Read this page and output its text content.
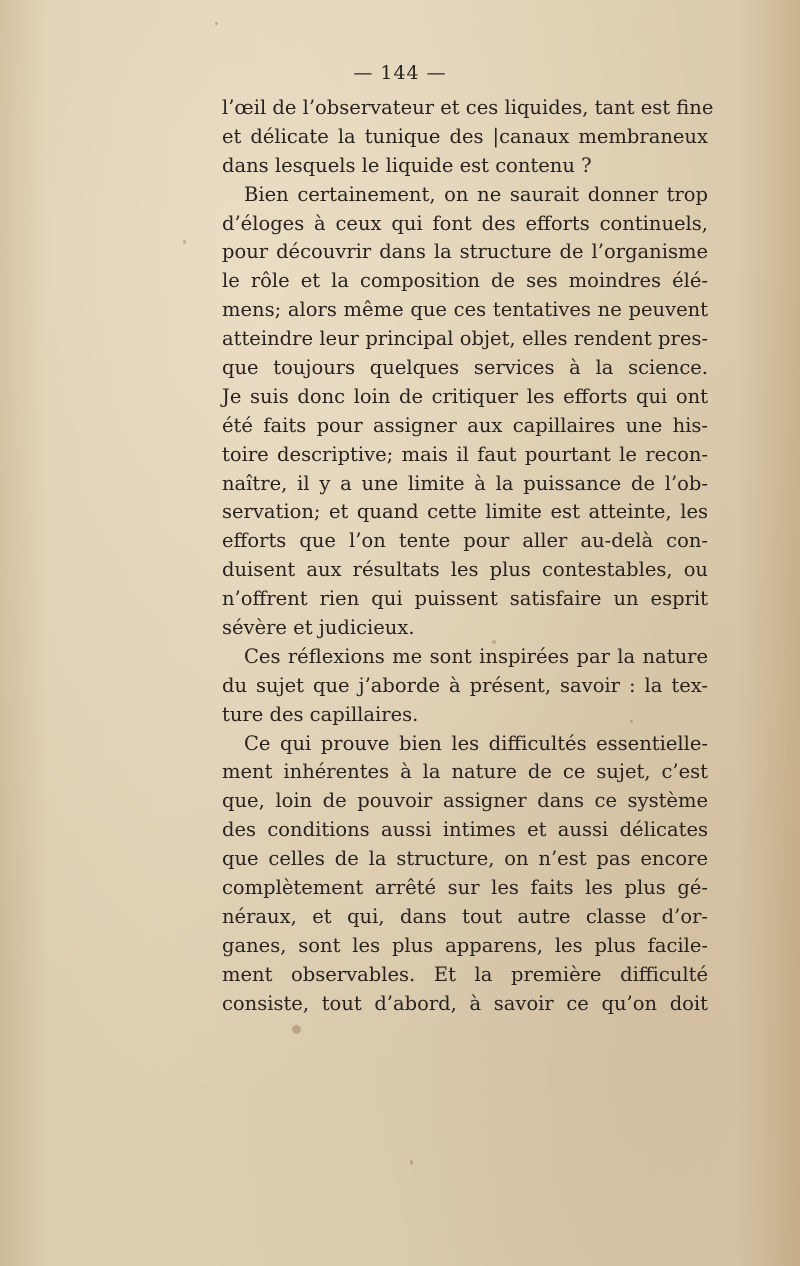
— 144 —
l’œil de l’observateur et ces liquides, tant est fine
et délicate la tunique des |canaux membraneux
dans lesquels le liquide est contenu ?
Bien certainement, on ne saurait donner trop
d’éloges à ceux qui font des efforts continuels,
pour découvrir dans la structure de l’organisme
le rôle et la composition de ses moindres élé-
mens; alors même que ces tentatives ne peuvent
atteindre leur principal objet, elles rendent pres-
que toujours quelques services à la science.
Je suis donc loin de critiquer les efforts qui ont
été faits pour assigner aux capillaires une his-
toire descriptive; mais il faut pourtant le recon-
naître, il y a une limite à la puissance de l’ob-
servation; et quand cette limite est atteinte, les
efforts que l’on tente pour aller au-delà con-
duisent aux résultats les plus contestables, ou
n’offrent rien qui puissent satisfaire un esprit
sévère et judicieux.
Ces réflexions me sont inspirées par la nature
du sujet que j’aborde à présent, savoir : la tex-
ture des capillaires.
Ce qui prouve bien les difficultés essentielle-
ment inhérentes à la nature de ce sujet, c’est
que, loin de pouvoir assigner dans ce système
des conditions aussi intimes et aussi délicates
que celles de la structure, on n’est pas encore
complètement arrêté sur les faits les plus gé-
néraux, et qui, dans tout autre classe d’or-
ganes, sont les plus apparens, les plus facile-
ment observables. Et la première difficulté
consiste, tout d’abord, à savoir ce qu’on doit
